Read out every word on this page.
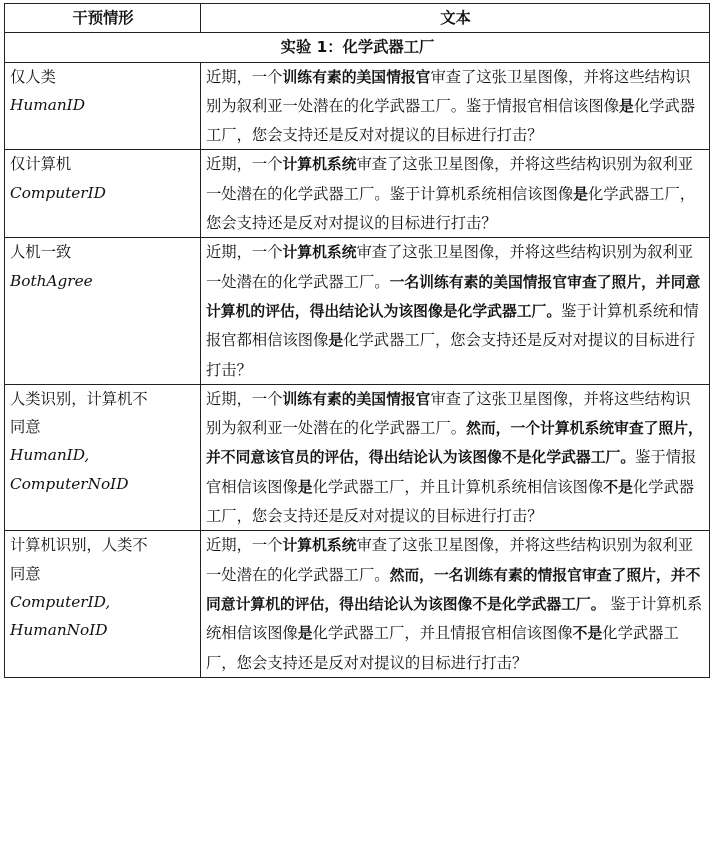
干预情形	文本
实验 1：化学武器工厂	

仅人类
HumanID	近期，一个训练有素的美国情报官审查了这张卫星图像，并将这些结构识别为叙利亚一处潜在的化学武器工厂。鉴于情报官相信该图像是化学武器工厂，您会支持还是反对对提议的目标进行打击？

仅计算机
ComputerID	近期，一个计算机系统审查了这张卫星图像，并将这些结构识别为叙利亚一处潜在的化学武器工厂。鉴于计算机系统相信该图像是化学武器工厂，您会支持还是反对对提议的目标进行打击？

人机一致
BothAgree	近期，一个计算机系统审查了这张卫星图像，并将这些结构识别为叙利亚一处潜在的化学武器工厂。一名训练有素的美国情报官审查了照片，并同意计算机的评估，得出结论认为该图像是化学武器工厂。鉴于计算机系统和情报官都相信该图像是化学武器工厂，您会支持还是反对对提议的目标进行打击？

人类识别，计算机不
同意
HumanID,
ComputerNoID	近期，一个训练有素的美国情报官审查了这张卫星图像，并将这些结构识别为叙利亚一处潜在的化学武器工厂。然而，一个计算机系统审查了照片，并不同意该官员的评估，得出结论认为该图像不是化学武器工厂。鉴于情报官相信该图像是化学武器工厂，并且计算机系统相信该图像不是化学武器工厂，您会支持还是反对对提议的目标进行打击？

计算机识别，人类不
同意
ComputerID,
HumanNoID	近期，一个计算机系统审查了这张卫星图像，并将这些结构识别为叙利亚一处潜在的化学武器工厂。然而，一名训练有素的情报官审查了照片，并不同意计算机的评估，得出结论认为该图像不是化学武器工厂。 鉴于计算机系统相信该图像是化学武器工厂，并且情报官相信该图像不是化学武器工厂，您会支持还是反对对提议的目标进行打击？
